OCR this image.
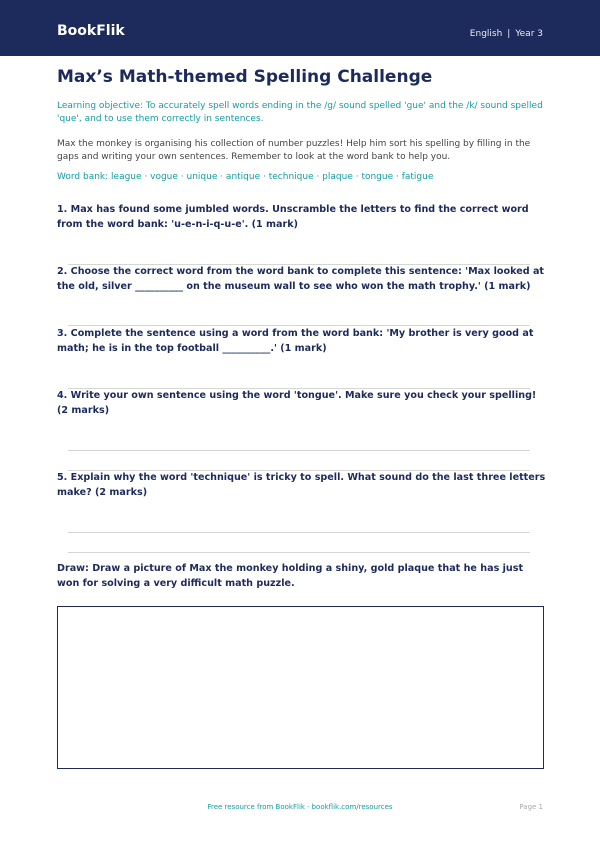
BookFlik	English | Year 3
Max’s Math-themed Spelling Challenge
Learning objective: To accurately spell words ending in the /g/ sound spelled 'gue' and the /k/ sound spelled 'que', and to use them correctly in sentences.
Max the monkey is organising his collection of number puzzles! Help him sort his spelling by filling in the gaps and writing your own sentences. Remember to look at the word bank to help you.
Word bank: league · vogue · unique · antique · technique · plaque · tongue · fatigue
1. Max has found some jumbled words. Unscramble the letters to find the correct word from the word bank: 'u-e-n-i-q-u-e'. (1 mark)
2. Choose the correct word from the word bank to complete this sentence: 'Max looked at the old, silver __________ on the museum wall to see who won the math trophy.' (1 mark)
3. Complete the sentence using a word from the word bank: 'My brother is very good at math; he is in the top football __________.' (1 mark)
4. Write your own sentence using the word 'tongue'. Make sure you check your spelling! (2 marks)
5. Explain why the word 'technique' is tricky to spell. What sound do the last three letters make? (2 marks)
Draw: Draw a picture of Max the monkey holding a shiny, gold plaque that he has just won for solving a very difficult math puzzle.
Free resource from BookFlik · bookflik.com/resources	Page 1
